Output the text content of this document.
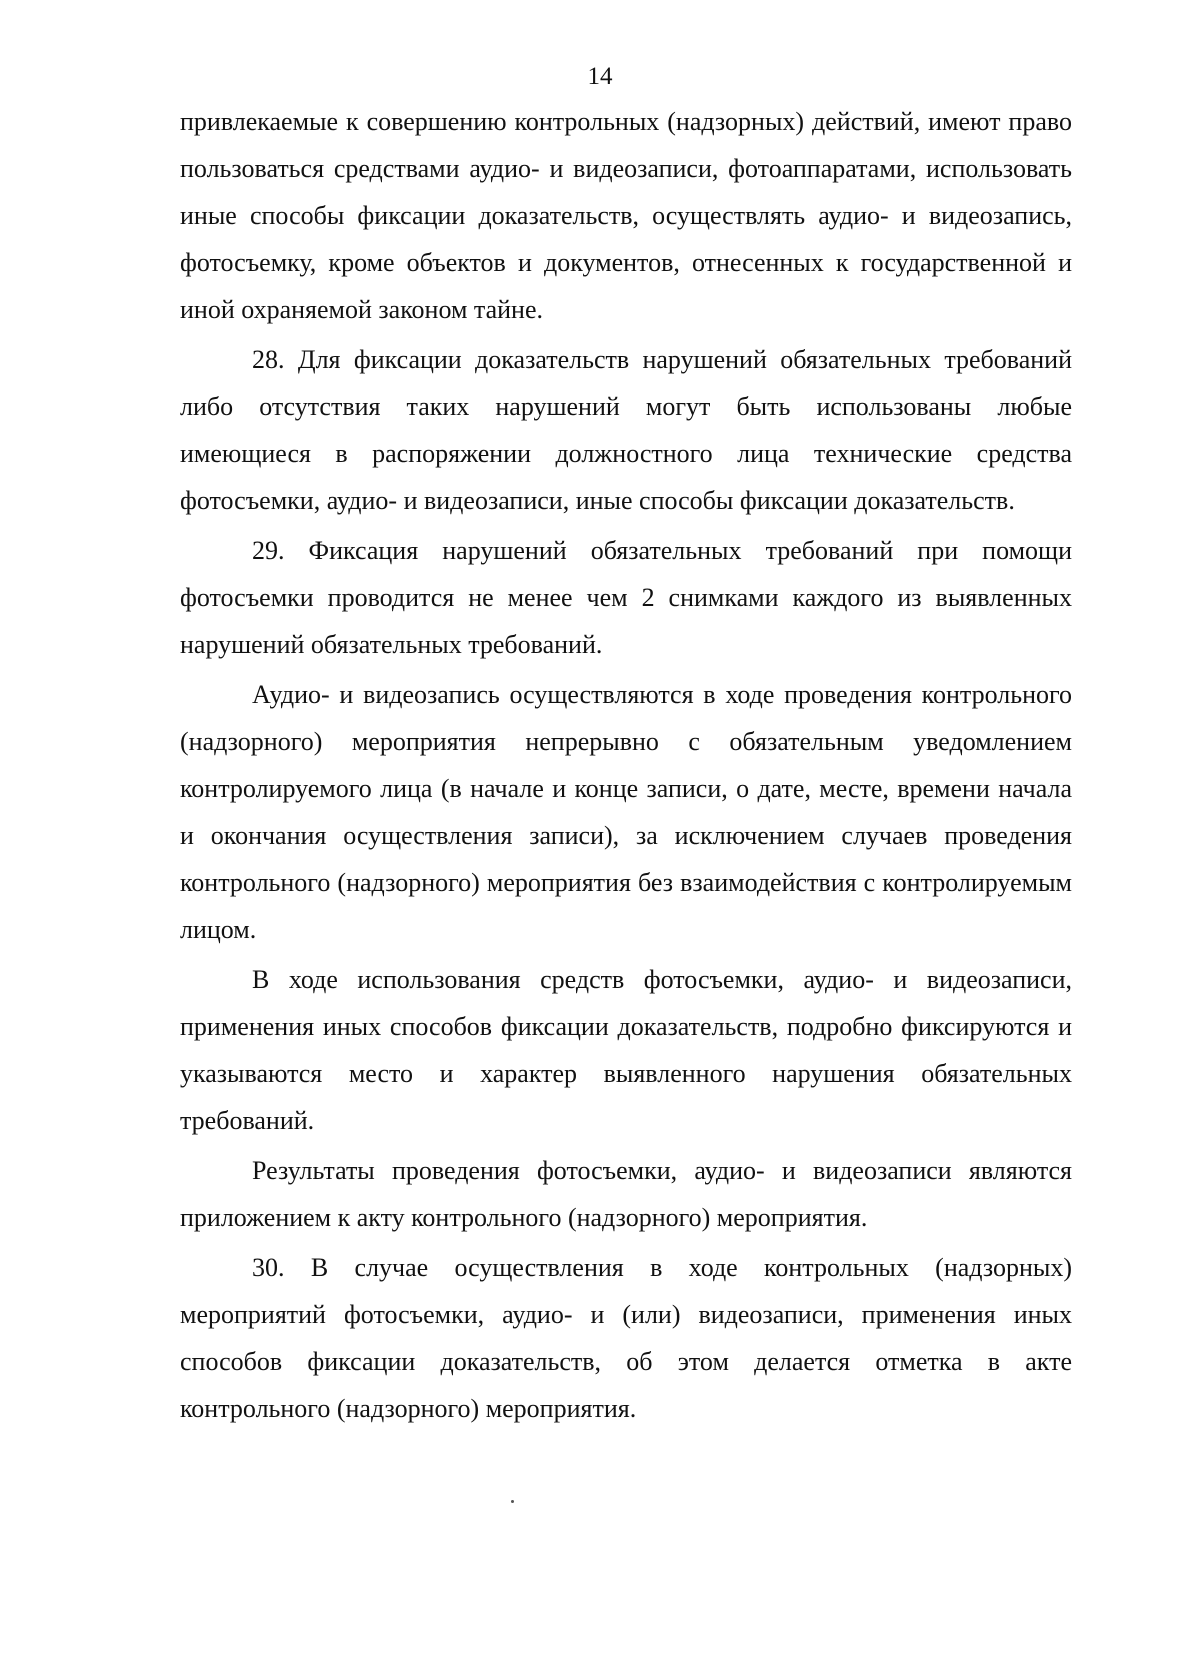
14

привлекаемые к совершению контрольных (надзорных) действий, имеют право пользоваться средствами аудио- и видеозаписи, фотоаппаратами, использовать иные способы фиксации доказательств, осуществлять аудио- и видеозапись, фотосъемку, кроме объектов и документов, отнесенных к государственной и иной охраняемой законом тайне.

28. Для фиксации доказательств нарушений обязательных требований либо отсутствия таких нарушений могут быть использованы любые имеющиеся в распоряжении должностного лица технические средства фотосъемки, аудио- и видеозаписи, иные способы фиксации доказательств.

29. Фиксация нарушений обязательных требований при помощи фотосъемки проводится не менее чем 2 снимками каждого из выявленных нарушений обязательных требований.

Аудио- и видеозапись осуществляются в ходе проведения контрольного (надзорного) мероприятия непрерывно с обязательным уведомлением контролируемого лица (в начале и конце записи, о дате, месте, времени начала и окончания осуществления записи), за исключением случаев проведения контрольного (надзорного) мероприятия без взаимодействия с контролируемым лицом.

В ходе использования средств фотосъемки, аудио- и видеозаписи, применения иных способов фиксации доказательств, подробно фиксируются и указываются место и характер выявленного нарушения обязательных требований.

Результаты проведения фотосъемки, аудио- и видеозаписи являются приложением к акту контрольного (надзорного) мероприятия.

30. В случае осуществления в ходе контрольных (надзорных) мероприятий фотосъемки, аудио- и (или) видеозаписи, применения иных способов фиксации доказательств, об этом делается отметка в акте контрольного (надзорного) мероприятия.
